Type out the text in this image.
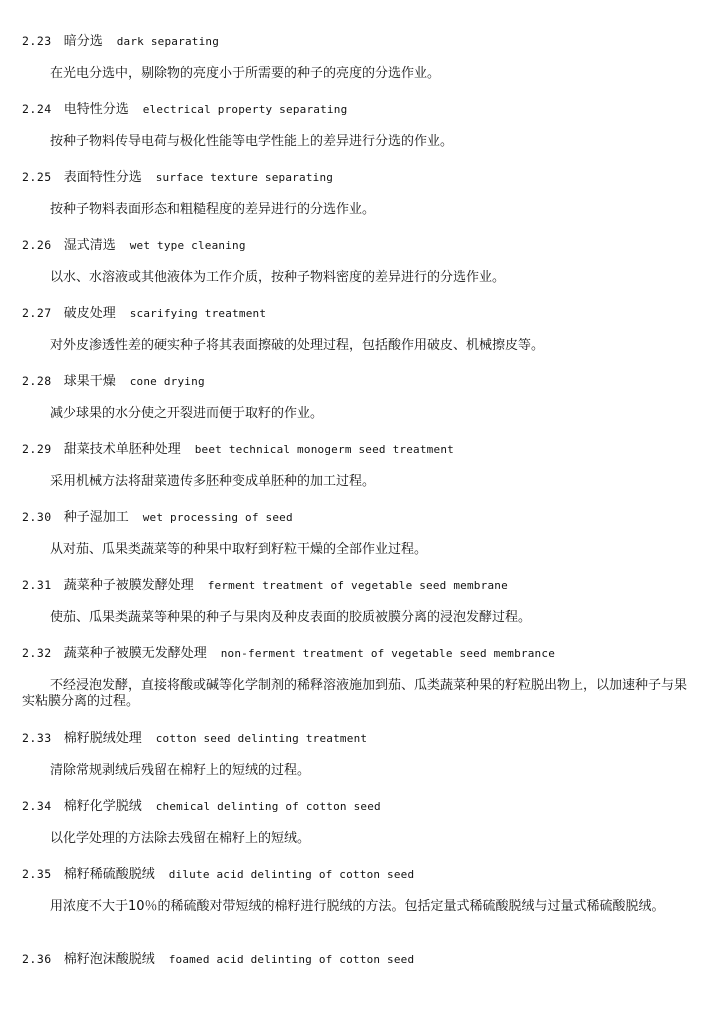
2.23 暗分选 dark separating
在光电分选中，剔除物的亮度小于所需要的种子的亮度的分选作业。
2.24 电特性分选 electrical property separating
按种子物料传导电荷与极化性能等电学性能上的差异进行分选的作业。
2.25 表面特性分选 surface texture separating
按种子物料表面形态和粗糙程度的差异进行的分选作业。
2.26 湿式清选 wet type cleaning
以水、水溶液或其他液体为工作介质，按种子物料密度的差异进行的分选作业。
2.27 破皮处理 scarifying treatment
对外皮渗透性差的硬实种子将其表面擦破的处理过程，包括酸作用破皮、机械擦皮等。
2.28 球果干燥 cone drying
减少球果的水分使之开裂进而便于取籽的作业。
2.29 甜菜技术单胚种处理 beet technical monogerm seed treatment
采用机械方法将甜菜遗传多胚种变成单胚种的加工过程。
2.30 种子湿加工 wet processing of seed
从对茄、瓜果类蔬菜等的种果中取籽到籽粒干燥的全部作业过程。
2.31 蔬菜种子被膜发酵处理 ferment treatment of vegetable seed membrane
使茄、瓜果类蔬菜等种果的种子与果肉及种皮表面的胶质被膜分离的浸泡发酵过程。
2.32 蔬菜种子被膜无发酵处理 non-ferment treatment of vegetable seed membrance
不经浸泡发酵，直接将酸或碱等化学制剂的稀释溶液施加到茄、瓜类蔬菜种果的籽粒脱出物上，以加速种子与果实粘膜分离的过程。
2.33 棉籽脱绒处理 cotton seed delinting treatment
清除常规剥绒后残留在棉籽上的短绒的过程。
2.34 棉籽化学脱绒 chemical delinting of cotton seed
以化学处理的方法除去残留在棉籽上的短绒。
2.35 棉籽稀硫酸脱绒 dilute acid delinting of cotton seed
用浓度不大于10％的稀硫酸对带短绒的棉籽进行脱绒的方法。包括定量式稀硫酸脱绒与过量式稀硫酸脱绒。
2.36 棉籽泡沫酸脱绒 foamed acid delinting of cotton seed
